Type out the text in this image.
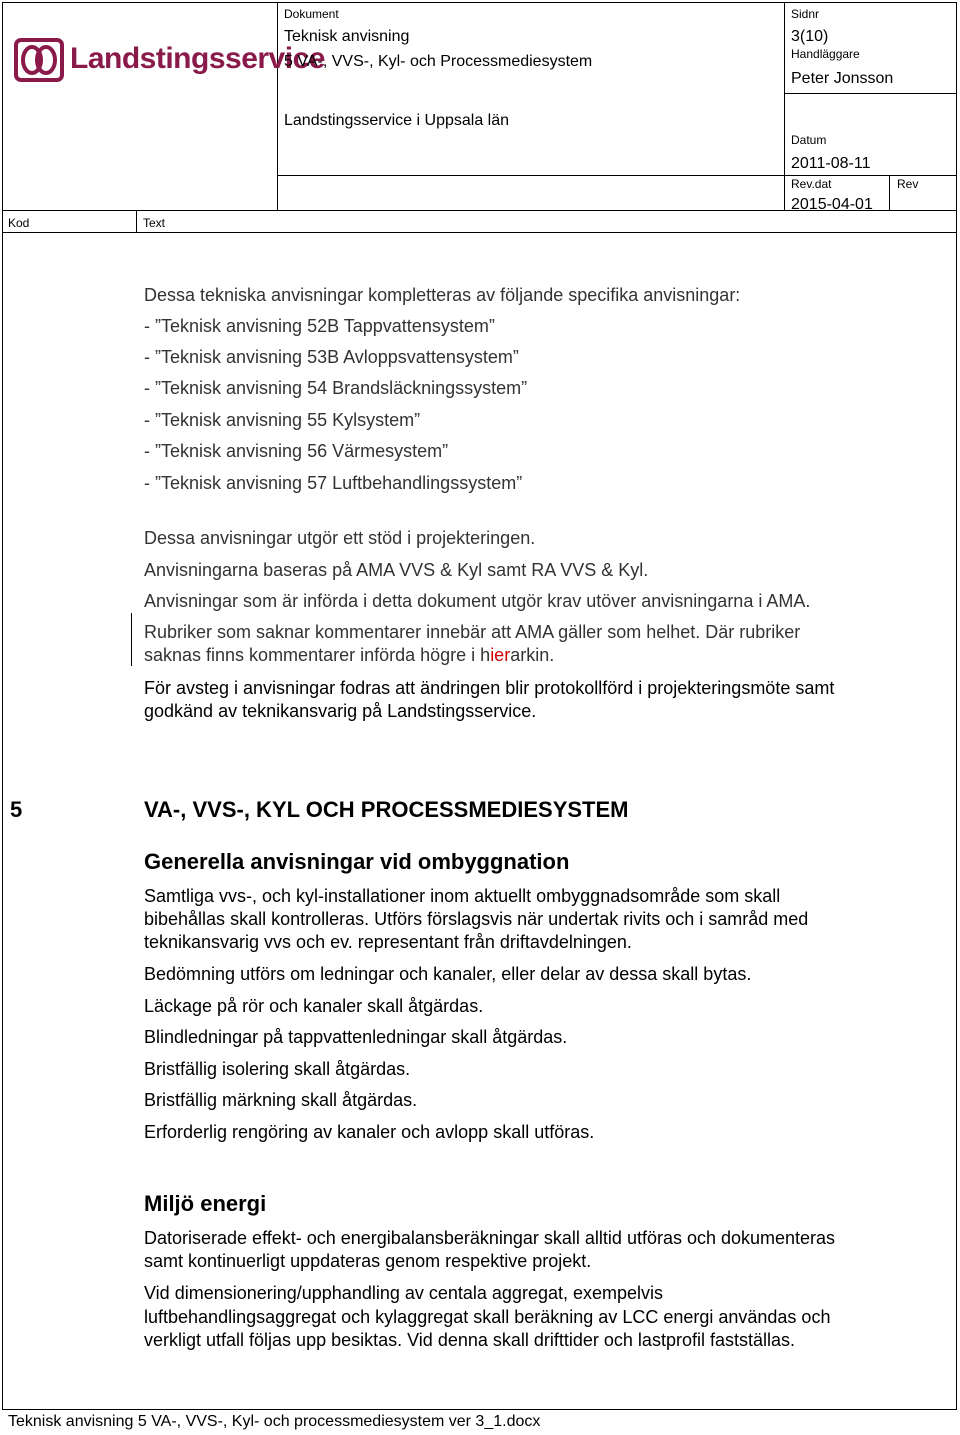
Landstingsservice
Dokument
Teknisk anvisning
5 VA-, VVS-, Kyl- och Processmediesystem
Landstingsservice i Uppsala län
Sidnr
3(10)
Handläggare
Peter Jonsson
Datum
2011-08-11
Rev.dat
2015-04-01
Rev
Kod	Text
Dessa tekniska anvisningar kompletteras av följande specifika anvisningar:
- ”Teknisk anvisning 52B Tappvattensystem”
- ”Teknisk anvisning 53B Avloppsvattensystem”
- ”Teknisk anvisning 54 Brandsläckningssystem”
- ”Teknisk anvisning 55 Kylsystem”
- ”Teknisk anvisning 56 Värmesystem”
- ”Teknisk anvisning 57 Luftbehandlingssystem”
Dessa anvisningar utgör ett stöd i projekteringen.
Anvisningarna baseras på AMA VVS & Kyl samt RA VVS & Kyl.
Anvisningar som är införda i detta dokument utgör krav utöver anvisningarna i AMA.
Rubriker som saknar kommentarer innebär att AMA gäller som helhet. Där rubriker
saknas finns kommentarer införda högre i hierarkin.
För avsteg i anvisningar fodras att ändringen blir protokollförd i projekteringsmöte samt
godkänd av teknikansvarig på Landstingsservice.
5	VA-, VVS-, KYL OCH PROCESSMEDIESYSTEM
Generella anvisningar vid ombyggnation
Samtliga vvs-, och kyl-installationer inom aktuellt ombyggnadsområde som skall
bibehållas skall kontrolleras. Utförs förslagsvis när undertak rivits och i samråd med
teknikansvarig vvs och ev. representant från driftavdelningen.
Bedömning utförs om ledningar och kanaler, eller delar av dessa skall bytas.
Läckage på rör och kanaler skall åtgärdas.
Blindledningar på tappvattenledningar skall åtgärdas.
Bristfällig isolering skall åtgärdas.
Bristfällig märkning skall åtgärdas.
Erforderlig rengöring av kanaler och avlopp skall utföras.
Miljö energi
Datoriserade effekt- och energibalansberäkningar skall alltid utföras och dokumenteras
samt kontinuerligt uppdateras genom respektive projekt.
Vid dimensionering/upphandling av centala aggregat, exempelvis
luftbehandlingsaggregat och kylaggregat skall beräkning av LCC energi användas och
verkligt utfall följas upp besiktas. Vid denna skall drifttider och lastprofil fastställas.
Teknisk anvisning 5 VA-, VVS-, Kyl- och processmediesystem ver 3_1.docx
